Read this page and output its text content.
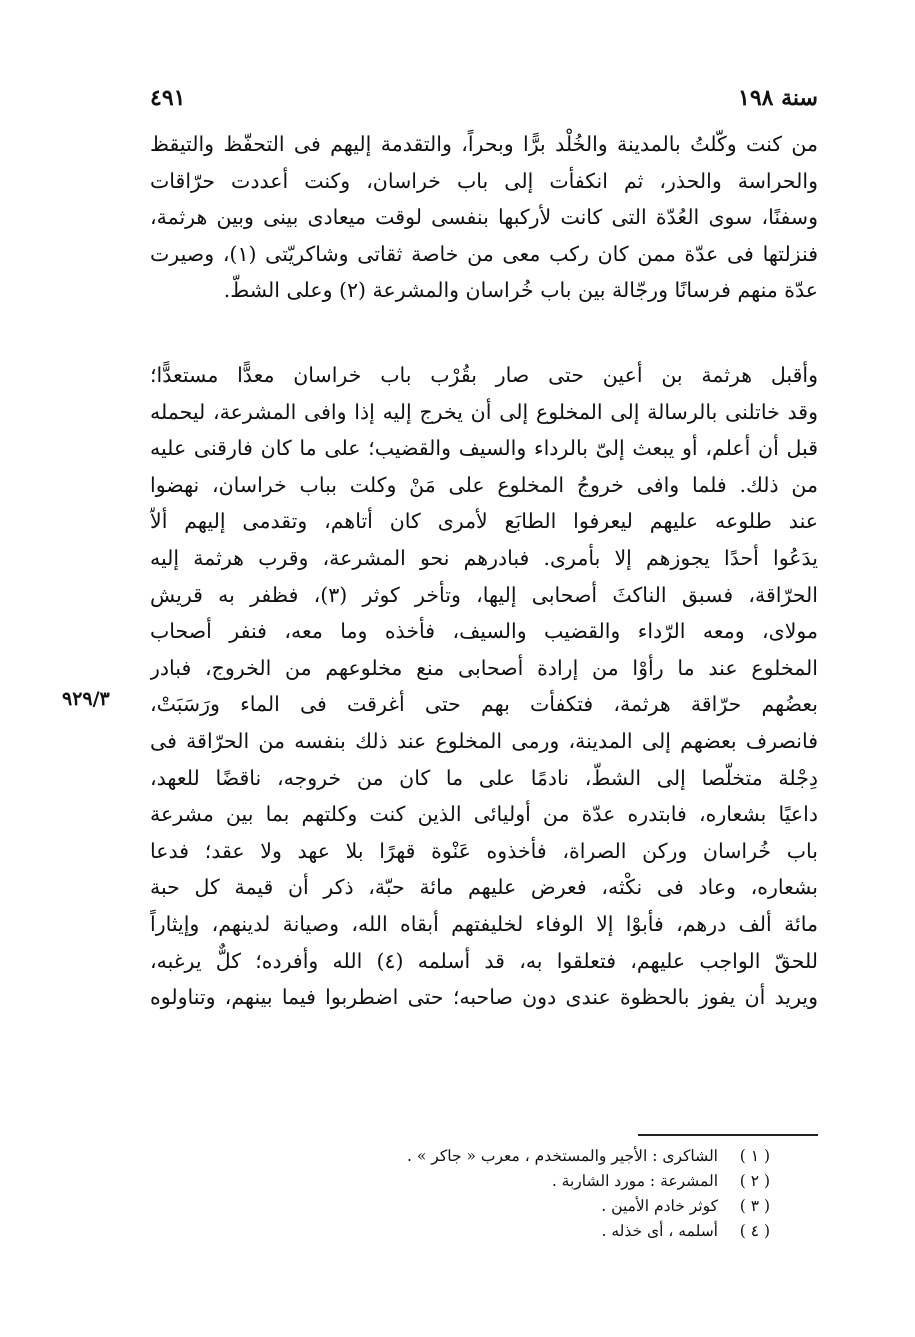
سنة ١٩٨
٤٩١
من كنت وكّلتُ بالمدينة والخُلْد برًّا وبحراً، والتقدمة إليهم فى التحفّظ والتيقظ
والحراسة والحذر، ثم انكفأت إلى باب خراسان، وكنت أعددت حرّاقات
وسفنًا، سوى العُدّة التى كانت لأركبها بنفسى لوقت ميعادى بينى وبين هرثمة،
فنزلتها فى عدّة ممن كان ركب معى من خاصة ثقاتى وشاكريّتى (١)، وصيرت
عدّة منهم فرسانًا ورجّالة بين باب خُراسان والمشرعة (٢) وعلى الشطّ.
وأقبل هرثمة بن أعين حتى صار بقُرْب باب خراسان معدًّا مستعدًّا؛
وقد خاتلنى بالرسالة إلى المخلوع إلى أن يخرج إليه إذا وافى المشرعة، ليحمله
قبل أن أعلم، أو يبعث إلىّ بالرداء والسيف والقضيب؛ على ما كان فارقنى عليه
من ذلك. فلما وافى خروجُ المخلوع على مَنْ وكلت بباب خراسان، نهضوا
عند طلوعه عليهم ليعرفوا الطابَع لأمرى كان أتاهم، وتقدمى إليهم ألاّ
يدَعُوا أحدًا يجوزهم إلا بأمرى. فبادرهم نحو المشرعة، وقرب هرثمة إليه
الحرّاقة، فسبق الناكثَ أصحابى إليها، وتأخر كوثر (٣)، فظفر به قريش
مولاى، ومعه الرّداء والقضيب والسيف، فأخذه وما معه، فنفر أصحاب
المخلوع عند ما رأوْا من إرادة أصحابى منع مخلوعهم من الخروج، فبادر
بعضُهم حرّاقة هرثمة، فتكفأت بهم حتى أغرقت فى الماء ورَسَبَتْ،
فانصرف بعضهم إلى المدينة، ورمى المخلوع عند ذلك بنفسه من الحرّاقة فى
دِجْلة متخلّصا إلى الشطّ، نادمًا على ما كان من خروجه، ناقضًا للعهد،
داعيًا بشعاره، فابتدره عدّة من أوليائى الذين كنت وكلتهم بما بين مشرعة
باب خُراسان وركن الصراة، فأخذوه عَنْوة قهرًا بلا عهد ولا عقد؛ فدعا
بشعاره، وعاد فى نكْثه، فعرض عليهم مائة حبّة، ذكر أن قيمة كل حبة
مائة ألف درهم، فأبوْا إلا الوفاء لخليفتهم أبقاه الله، وصيانة لدينهم، وإيثاراً
للحقّ الواجب عليهم، فتعلقوا به، قد أسلمه (٤) الله وأفرده؛ كلٌّ يرغبه،
ويريد أن يفوز بالحظوة عندى دون صاحبه؛ حتى اضطربوا فيما بينهم، وتناولوه
٩٢٩/٣
( ١ )
الشاكرى : الأجير والمستخدم ، معرب « جاكر » .
( ٢ )
المشرعة : مورد الشاربة .
( ٣ )
كوثر خادم الأمين .
( ٤ )
أسلمه ، أى خذله .
